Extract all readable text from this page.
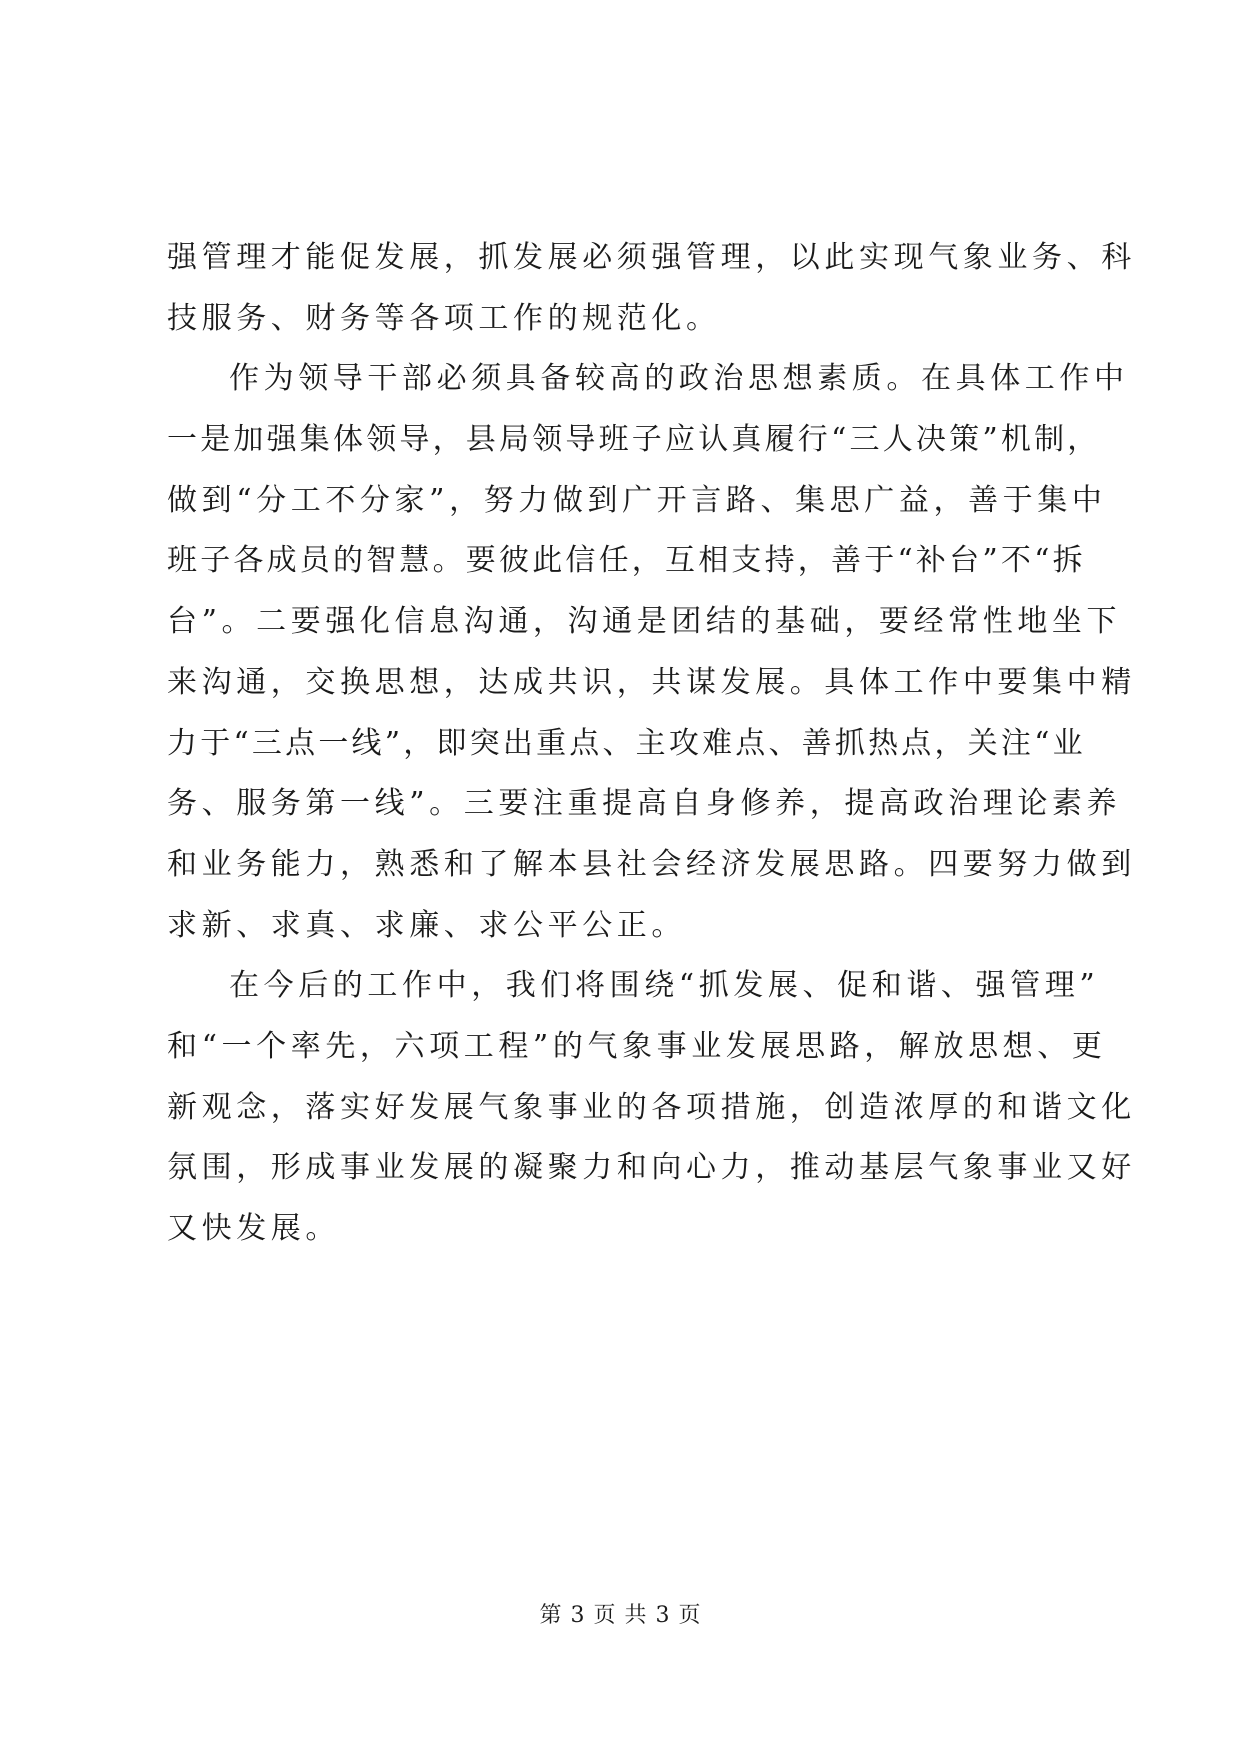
强管理才能促发展，抓发展必须强管理，以此实现气象业务、科
技服务、财务等各项工作的规范化。
作为领导干部必须具备较高的政治思想素质。在具体工作中
一是加强集体领导，县局领导班子应认真履行“三人决策”机制，
做到“分工不分家”，努力做到广开言路、集思广益，善于集中
班子各成员的智慧。要彼此信任，互相支持，善于“补台”不“拆
台”。二要强化信息沟通，沟通是团结的基础，要经常性地坐下
来沟通，交换思想，达成共识，共谋发展。具体工作中要集中精
力于“三点一线”，即突出重点、主攻难点、善抓热点，关注“业
务、服务第一线”。三要注重提高自身修养，提高政治理论素养
和业务能力，熟悉和了解本县社会经济发展思路。四要努力做到
求新、求真、求廉、求公平公正。
在今后的工作中，我们将围绕“抓发展、促和谐、强管理”
和“一个率先，六项工程”的气象事业发展思路，解放思想、更
新观念，落实好发展气象事业的各项措施，创造浓厚的和谐文化
氛围，形成事业发展的凝聚力和向心力，推动基层气象事业又好
又快发展。
第 3 页 共 3 页
